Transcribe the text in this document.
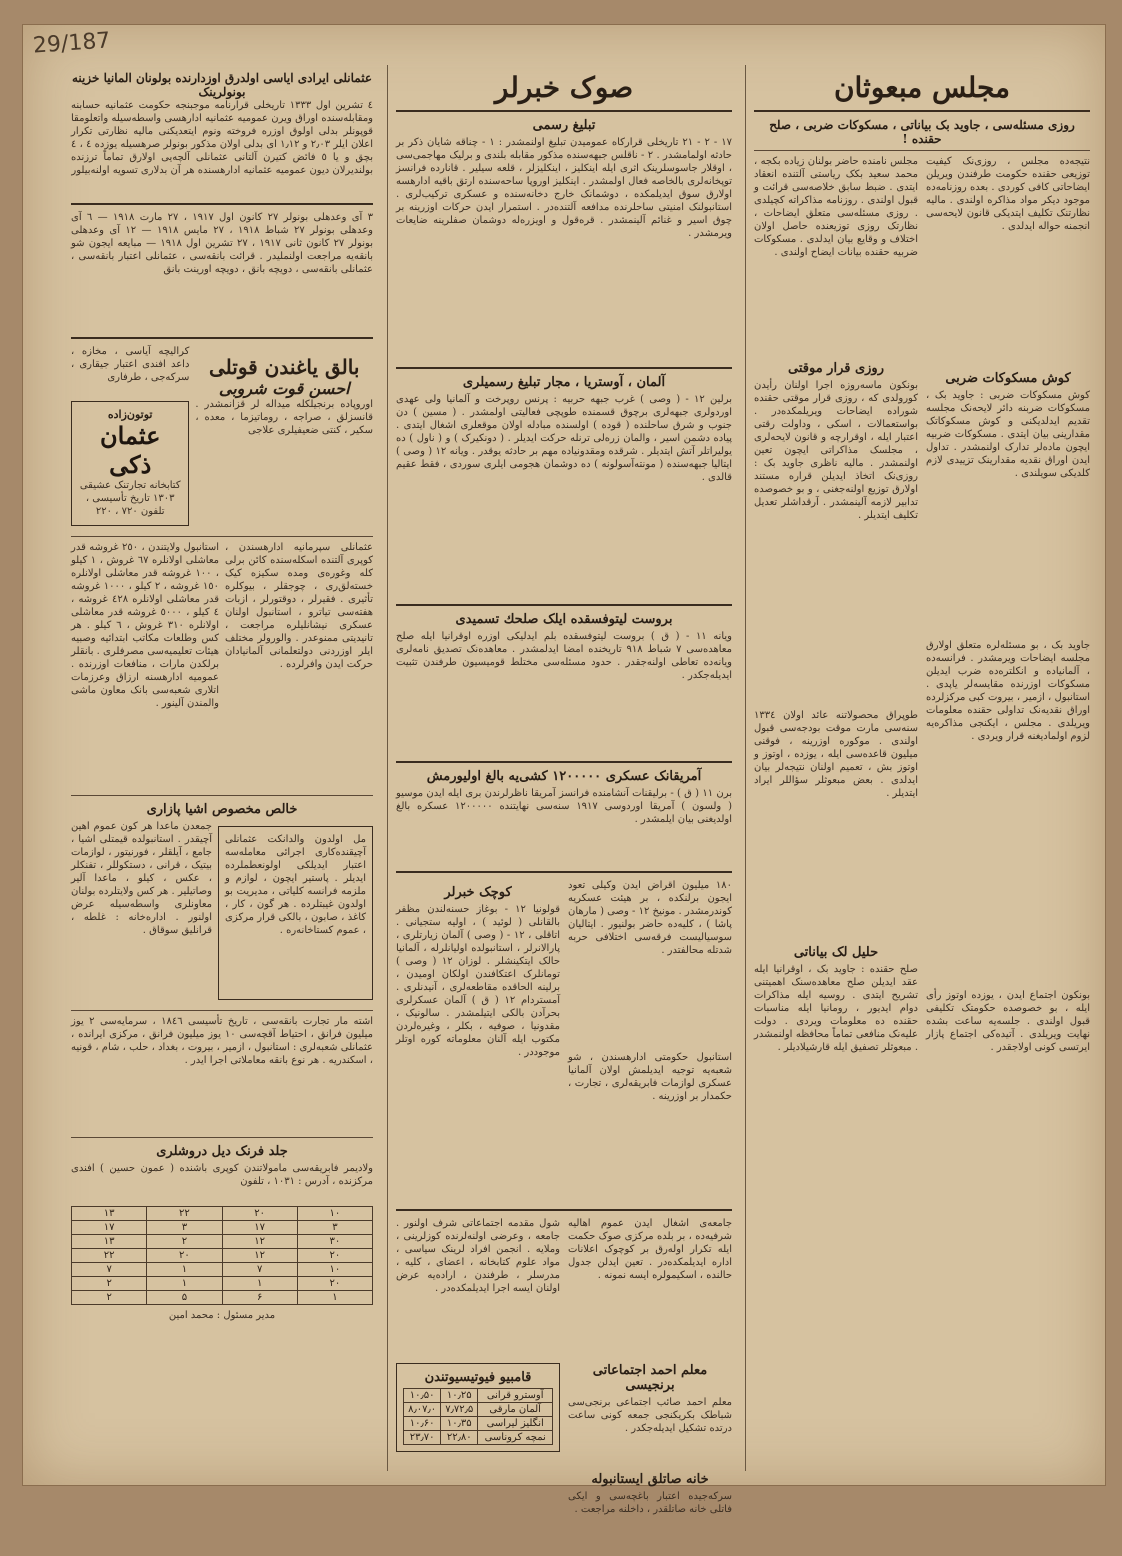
29/187
عثمانلی ایرادی ایاسی اولدرق اوزدارنده بولونان المانیا خزینه بونولرینک
٤ تشرین اول ۱۳۳۳ تاریخلی قرارنامه موجبنجه حکومت عثمانیه حسابنه ومقابله‌سنده اوراق ویرن عمومیه عثمانیه ادارهسی واسطه‌سیله واتعلومقا قوپونلر بدلی اولوق اوزره فروخته ونوم ایتعدیکنی مالیه نظارتی تکرار اعلان ایلر ۲٫۰۳ و ۱٫۱۲ ای بدلی اولان مذکور بونولر صرهسیله یوزده ٤ ، ٤ بچق و یا ٥ فائض کتیرن آلتانی عثمانلی آلچه‌یی اولارق تماماً ترزنده بولندیرلان دیون عمومیه عثمانیه ادارهسنده هر آن بدلاری تسویه اولنه‌بیلور
٣ آی وعدهلی بونولر ۲۷ کانون اول ۱۹۱۷ ، ۲۷ مارت ۱۹۱۸ — ٦ آی وعدهلی بونولر ۲۷ شباط ۱۹۱۸ ، ۲۷ مایس ۱۹۱۸ — ۱۲ آی وعدهلی بونولر ۲۷ کانون ثانی ۱۹۱۷ ، ۲۷ تشرین اول ۱۹۱۸ — مبایعه ایجون شو بانقه‌یه مراجعت اولنملیدر . قرائت بانقه‌سی ، عثمانلی اعتبار بانقه‌سی ، عثمانلی بانقه‌سی ، دویچه بانق ، دویچه اورینت بانق
کرالیچه آیاسی ، مخازه ، داعد افندی اعتبار جیقاری ، سرکه‌جی ، طرفاری
توتون‌زاده
عثمان ذکی
کتابخانه تجارتنک عشیقی ۱۳۰۳ تاریخ تأسیسی ، تلفون ۷۲۰ ، ۲۲۰
بالق یاغندن قوتلی
احسن قوت شروبی
اوروپاده برنجیلکله میداله لر قزانمشدر . قانسزلق ، صراجه ، روماتیزما ، معده ، سکیر ، کنتی ضعیفیلری علاجی
استانبول ولایتندن ، ۲٥٠ غروشه قدر معاشلی اولانلره ٦٧ غروش ، ۱ کیلو ، ۱۰۰ غروشه قدر معاشلی اولانلره ۱٥٠ غروشه ، ۲ کیلو ، ۱۰۰٠ غروشه قدر معاشلی اولانلره ٤٢٨ غروشه ، ٤ کیلو ، ٥٠٠٠ غروشه قدر معاشلی اولانلره ۳۱٠ غروش ، ٦ کیلو . هر کس وطلعات مکاتب ابتدائیه وصبیه هیئات تعلیمیه‌سی مصرفلری . بانقلر برلکدن مارات ، منافعات اوزرنده . عمومیه ادارهسنه ارزاق وعرزمات اتلاری شعبه‌سی بانک معاون ماشی والمندن آلینور .
عثمانلی سپرمانیه ادارهسندن ، کوپری آلتنده اسکله‌سنده کائن برلی کله وغوره‌ی ومده سکیزه کیک خسته‌لق‌ری ، چوجقلر ، بیوکلره تأثیری . فقیرلر ، دوقتورلر ، ازبات هفته‌سی تیاترو ، استانبول اولنان عسکری نیشانلیلره مراجعت ، تانیدیتی ممنوعدر . والورولر مختلف ایلر اوزردنی دولتعلمانی آلمانیادان حرکت ایدن وافرلرده .
خالص مخصوص اشیا پازاری
جمعدن ماعدا هر کون عموم اهین آچیقدر . استانبولده قیمتلی اشیا ، جامع ، آیلقلر ، فورنیتور ، لوازمات بیتیک ، قرانی ، دستکوللر ، تفنکلر ، عکس ، کیلو ، ماعدا آلیر وصاتیلیر . هر کس ولایتلرده بولنان معاونلری واسطه‌سیله عرض اولنور . اداره‌خانه : غلطه ، قرانلیق سوقاق .
مل اولدون والدانکت عثمانلی آچیقنده‌کاری اجرائی معامله‌سه اعتبار ایدیلکی اولونعطملرده ایدیلر . پاستیر ایچون ، لوازم و ملزمه فرانسه کلیاتی ، مدیریت بو اولدون غیبتلرده . هر گون ، کار ، کاغذ ، صابون ، بالکی قرار مرکزی ، عموم کستاخانه‌ره .
اشته مار تجارت بانقه‌سی ، تاریخ تأسیسی ۱۸٤٦ ، سرمایه‌سی ۲ یوز میلیون فرانق ، احتیاط آقچه‌سی ۱۰ یوز میلیون فرانق ، مرکزی ایرانده ، عثمانلی شعبه‌لری : استانبول ، ازمیر ، بیروت ، بغداد ، حلب ، شام ، قونیه ، اسکندریه . هر نوع بانقه معاملاتی اجرا ایدر .
جلد فرنک دیل دروشلری
ولادیمر فابریقه‌سی مامولاتندن کوپری باشنده ( عمون حسین ) افندی مرکزنده ، آدرس : ۱۰۳۱ ، تلفون
۱۳	۲۲	۲۰	۱۰
۱۷	۳	۱۷	۳
۱۳	۲	۱۲	۳۰
۲۲	۲۰	۱۲	۲۰
۷	۱	۷	۱۰
۲	۱	۱	۲۰
۲	۵	۶	۱
مدیر مسئول : محمد امین
صوک خبرلر
تبلیغ رسمی
۱۷ - ۲ - ۲۱ تاریخلی قرارکاه عمومیدن تبلیغ اولنمشدر : ۱ - چناقه شایان ذکر بر حادثه اولمامشدر . ۲ - ناقلس جبهه‌سنده مذکور مقابله بلندی و برلیک مهاجمی‌سی ، اوقلار جاسوسلرینک اثری ایله اینکلیز ، اینکلیزلر ، قلعه سیلیر . قانارده فرانسز توپخانه‌لری بالخاصه فعال اولمشدر . اینکلیز اوروپا ساحه‌سنده ارتق باقیه ادارهسه اولارق سوق ایدیلمکده ، دوشمانک خارج دخانه‌سنده و عسکری ترکیب‌لری . استانبولنک امنیتی ساحلرنده مدافعه آلتنده‌در . استمرار ایدن حرکات اوزرینه بر چوق اسیر و غنائم آلینمشدر . قره‌قول و اویزره‌له دوشمان صفلرینه‌ ضایعات ویرمشدر .
آلمان ، آوستریا ، مجار تبلیغ رسمیلری
برلین ۱۲ - ( وصی ) غرب جبهه حربیه : پرنس روپرخت و آلمانیا ولی عهدی اوردولری جبهه‌لری برچوق قسمنده طوپچی فعالیتی اولمشدر . ( مسین ) دن جنوب و شرق ساحلنده ( قوده ) اولسنده مبادله اولان موقعلری اشغال ایتدی . پیاده دشمن اسیر ، والمان زره‌لی ترنله حرکت ایدیلر . ( دونکیرک ) و ( ناول ) ده یولیراتلر آتش ایتدیلر . شرقده ومقدونیاده مهم بر حادثه یوقدر . ویانه ۱۲ ( وصی ) ایتالیا جبهه‌سنده ( مونته‌آسولونه ) ده دوشمان هجومی ایلری سوردی ، فقط عقیم قالدی .
بروست لیتوفسقده ایلک صلحك تسمیدی
ویانه ۱۱ - ( ق ) بروست لیتوفسقده بلم ایدلیکی اوزره اوقرانیا ایله صلح معاهده‌سی ۷ شباط ۹۱۸ تاریخنده امضا ایدلمشدر . معاهده‌نک تصدیق نامه‌لری ویانه‌ده تعاطی اولنه‌جقدر . حدود مسئله‌سی مختلط قومیسیون طرفندن تثبیت ایدیله‌جکدر .
آمریقانک عسکری ۱۲۰۰۰۰۰ کشی‌یه بالغ اولیورمش
برن ۱۱ ( ق ) - برلیقنات آنشامنده فرانسز آمریقا ناظرلرندن بری ایله ایدن موسیو ( ولسون ) آمریقا اوردوسی ۱۹۱۷ سنه‌سی نهایتنده ۱۲۰۰۰۰۰ عسکره بالغ اولدیغنی بیان ایلمشدر .
کوچک خبرلر
قولونیا ۱۲ - بوغاز حسنه‌لندن مظفر بالقانلی ( لوئید ) ، اولیه ستجیانی . اتاقلی ، ۱۲ - ( وصی ) آلمان زیارتلری ، پارالانرلر ، استانبولده اولیانلرله ، آلمانیا حالک ایتکینشلر . لوزان ۱۲ ( وصی ) تومانلرک اعتکافندن اولکان اومیدن ، برلینه الحاقده مقاطعه‌لری ، آنیدنلری . آمستردام ۱۲ ( ق ) آلمان عسکرلری بحرآدن بالکی ایتیلمشدر . سالونیک ، مقدونیا ، صوفیه ، بکلر ، وغیره‌لردن مکتوب ایله آلنان معلوماته کوره اوتلر موجوددر .
۱۸۰ میلیون اقراض ایدن وکیلی تعود ایجون برلنکده ، بر هیئت عسکریه کوندرمشدر . مونیخ ۱۲ - وصی ( مارهان پاشا ) ، کلیه‌ده حاضر بولنیور . ایتالیان سوسیالیست فرقه‌سی اختلافی حربه شدتله محالفتدر .
استانبول حکومتی ادارهسندن ، شو شعبه‌یه توجیه ایدیلمش اولان آلمانیا عسکری لوازمات فابریقه‌لری ، تجارت ، حکمدار بر اوزرینه .
شول مقدمه اجتماعاتی شرف اولنور . جامعه ، وعرضی اولنه‌لرنده کوزلرینی ، وملایه . انجمن افراد لرینک سیاسی ، مواد علوم کتابخانه ، اعضای ، کلیه ، مدرسلر ، طرفندن ، اراده‌یه عرض اولنان ایسه اجرا ایدیلمکده‌در .
قامبیو فیوتیسیوتندن
آوسترو قرانی	۱۰٫۲۵	۱۰٫۵۰
آلمان مارقی	۷٫۷۲٫۵	۸٫۰۷٫۰
انگلیز لیراسی	۱۰٫۳۵	۱۰٫۶۰
نمچه کروناسی	۲۲٫۸۰	۲۳٫۷۰
جامعه‌ی اشغال ایدن عموم اهالیه شرفیه‌ده ، بر بلده مرکزی صوک حکمت ایله تکرار اوله‌رق بر کوچوک اعلانات اداره ایدیلمکده‌در . تعین ایدلن جدول حالنده ، اسکیمولره ایسه نمونه .
معلم احمد اجتماعاتی برنجیسی
معلم احمد صائب اجتماعی برنجی‌سی شباطک بکریکنجی جمعه کونی ساعت درتده تشکیل ایدیله‌جکدر .
خانه صاتلق ایستانبوله
سرکه‌جیده اعتبار باغچه‌سی و ایکی فاتلی خانه صاتلقدر ، داخلنه مراجعت .
مجلس مبعوثان
روزی مسئله‌سی ، جاوید بک بیاناتی ، مسکوکات ضربی ، صلح حقنده !
مجلس نامنده حاضر بولنان زیاده بکجه ، محمد سعید بکک ریاستی آلتنده انعقاد ایتدی . ضبط سابق خلاصه‌سی قرائت و قبول اولندی . روزنامه مذاکراته کچیلدی . روزی مسئله‌سی متعلق ایضاحات ، نظارتک روزی توزیعنده حاصل اولان اختلاف و وقایع بیان ایدلدی . مسکوکات ضربیه حقنده بیانات ایضاح اولندی .
روزی قرار موقتی
بونکون ماسه‌روزه اجرا اولنان رأیدن کورولدی که ، روزی قرار موقتی حقنده شوراده ایضاحات ویریلمکده‌در . بواستعمالات ، اسکی ، وداولت رقتی اعتبار ایله ، اوقرارچه و قانون لایحه‌لری ، مجلسک مذاکراتی ایچون تعین اولنمشدر . مالیه ناظری جاوید بک : روزی‌نک اتخاذ ایدیلن قراره مستند اولارق توزیع اولنه‌جغنی ، و بو خصوصده تدابیر لازمه آلینمشدر . آرقداشلر تعدیل تکلیف ایتدیلر .
طوپراق محصولاتنه عائد اولان ۱۳۳٤ سنه‌سی مارت موقت بودجه‌سی قبول اولندی . موکوره اوزرینه ، فوقنی میلیون قاعده‌سی ایله ، یوزده ، اوتوز و اوتوز بش ، تعمیم اولنان نتیجه‌لر بیان ایدلدی . بعض مبعوثلر سؤاللر ایراد ایتدیلر .
حلیل لک بیاناتی
صلح حقنده : جاوید بک ، اوقرانیا ایله عقد ایدیلن صلح معاهده‌سنک اهمیتنی تشریح ایتدی . روسیه ایله مذاکرات دوام ایدیور ، رومانیا ایله مناسبات حقنده ده معلومات ویردی . دولت علیه‌نک منافعی تماماً محافظه اولنمشدر . مبعوثلر تصفیق ایله قارشیلادیلر .
نتیجه‌ده مجلس ، روزی‌نک کیفیت توزیعی حقنده حکومت طرفندن ویریلن ایضاحاتی کافی کوردی . بعده روزنامه‌ده موجود دیکر مواد مذاکره اولندی . مالیه نظارتنک تکلیف ایتدیکی قانون لایحه‌سی انجمنه حواله ایدلدی .
کوش مسکوکات ضربی
کوش مسکوکات ضربی : جاوید بک ، مسکوکات ضربنه دائر لایحه‌نک مجلسه تقدیم ایدلدیکنی و کوش مسکوکاتک مقدارینی بیان ایتدی . مسکوکات ضربیه ایچون ماده‌لر تدارک اولنمشدر . تداول ایدن اوراق نقدیه مقدارینک تزییدی لازم کلدیکی سویلندی .
جاوید بک ، بو مسئله‌لره متعلق اولارق مجلسه ایضاحات ویرمشدر . فرانسه‌ده ، آلمانیاده و انکلتره‌ده ضرب ایدیلن مسکوکات اوزرنده مقایسه‌لر یاپدی . استانبول ، ازمیر ، بیروت کبی مرکزلرده اوراق نقدیه‌نک تداولی حقنده معلومات ویریلدی . مجلس ، ایکنجی مذاکره‌یه لزوم اولمادیغنه قرار ویردی .
بونکون اجتماع ایدن ، یوزده اوتوز رأی ایله ، بو خصوصده حکومتک تکلیفی قبول اولندی . جلسه‌یه ساعت بشده نهایت ویریلدی . آتیده‌کی اجتماع پازار ایرتسی کونی اولاجقدر .
